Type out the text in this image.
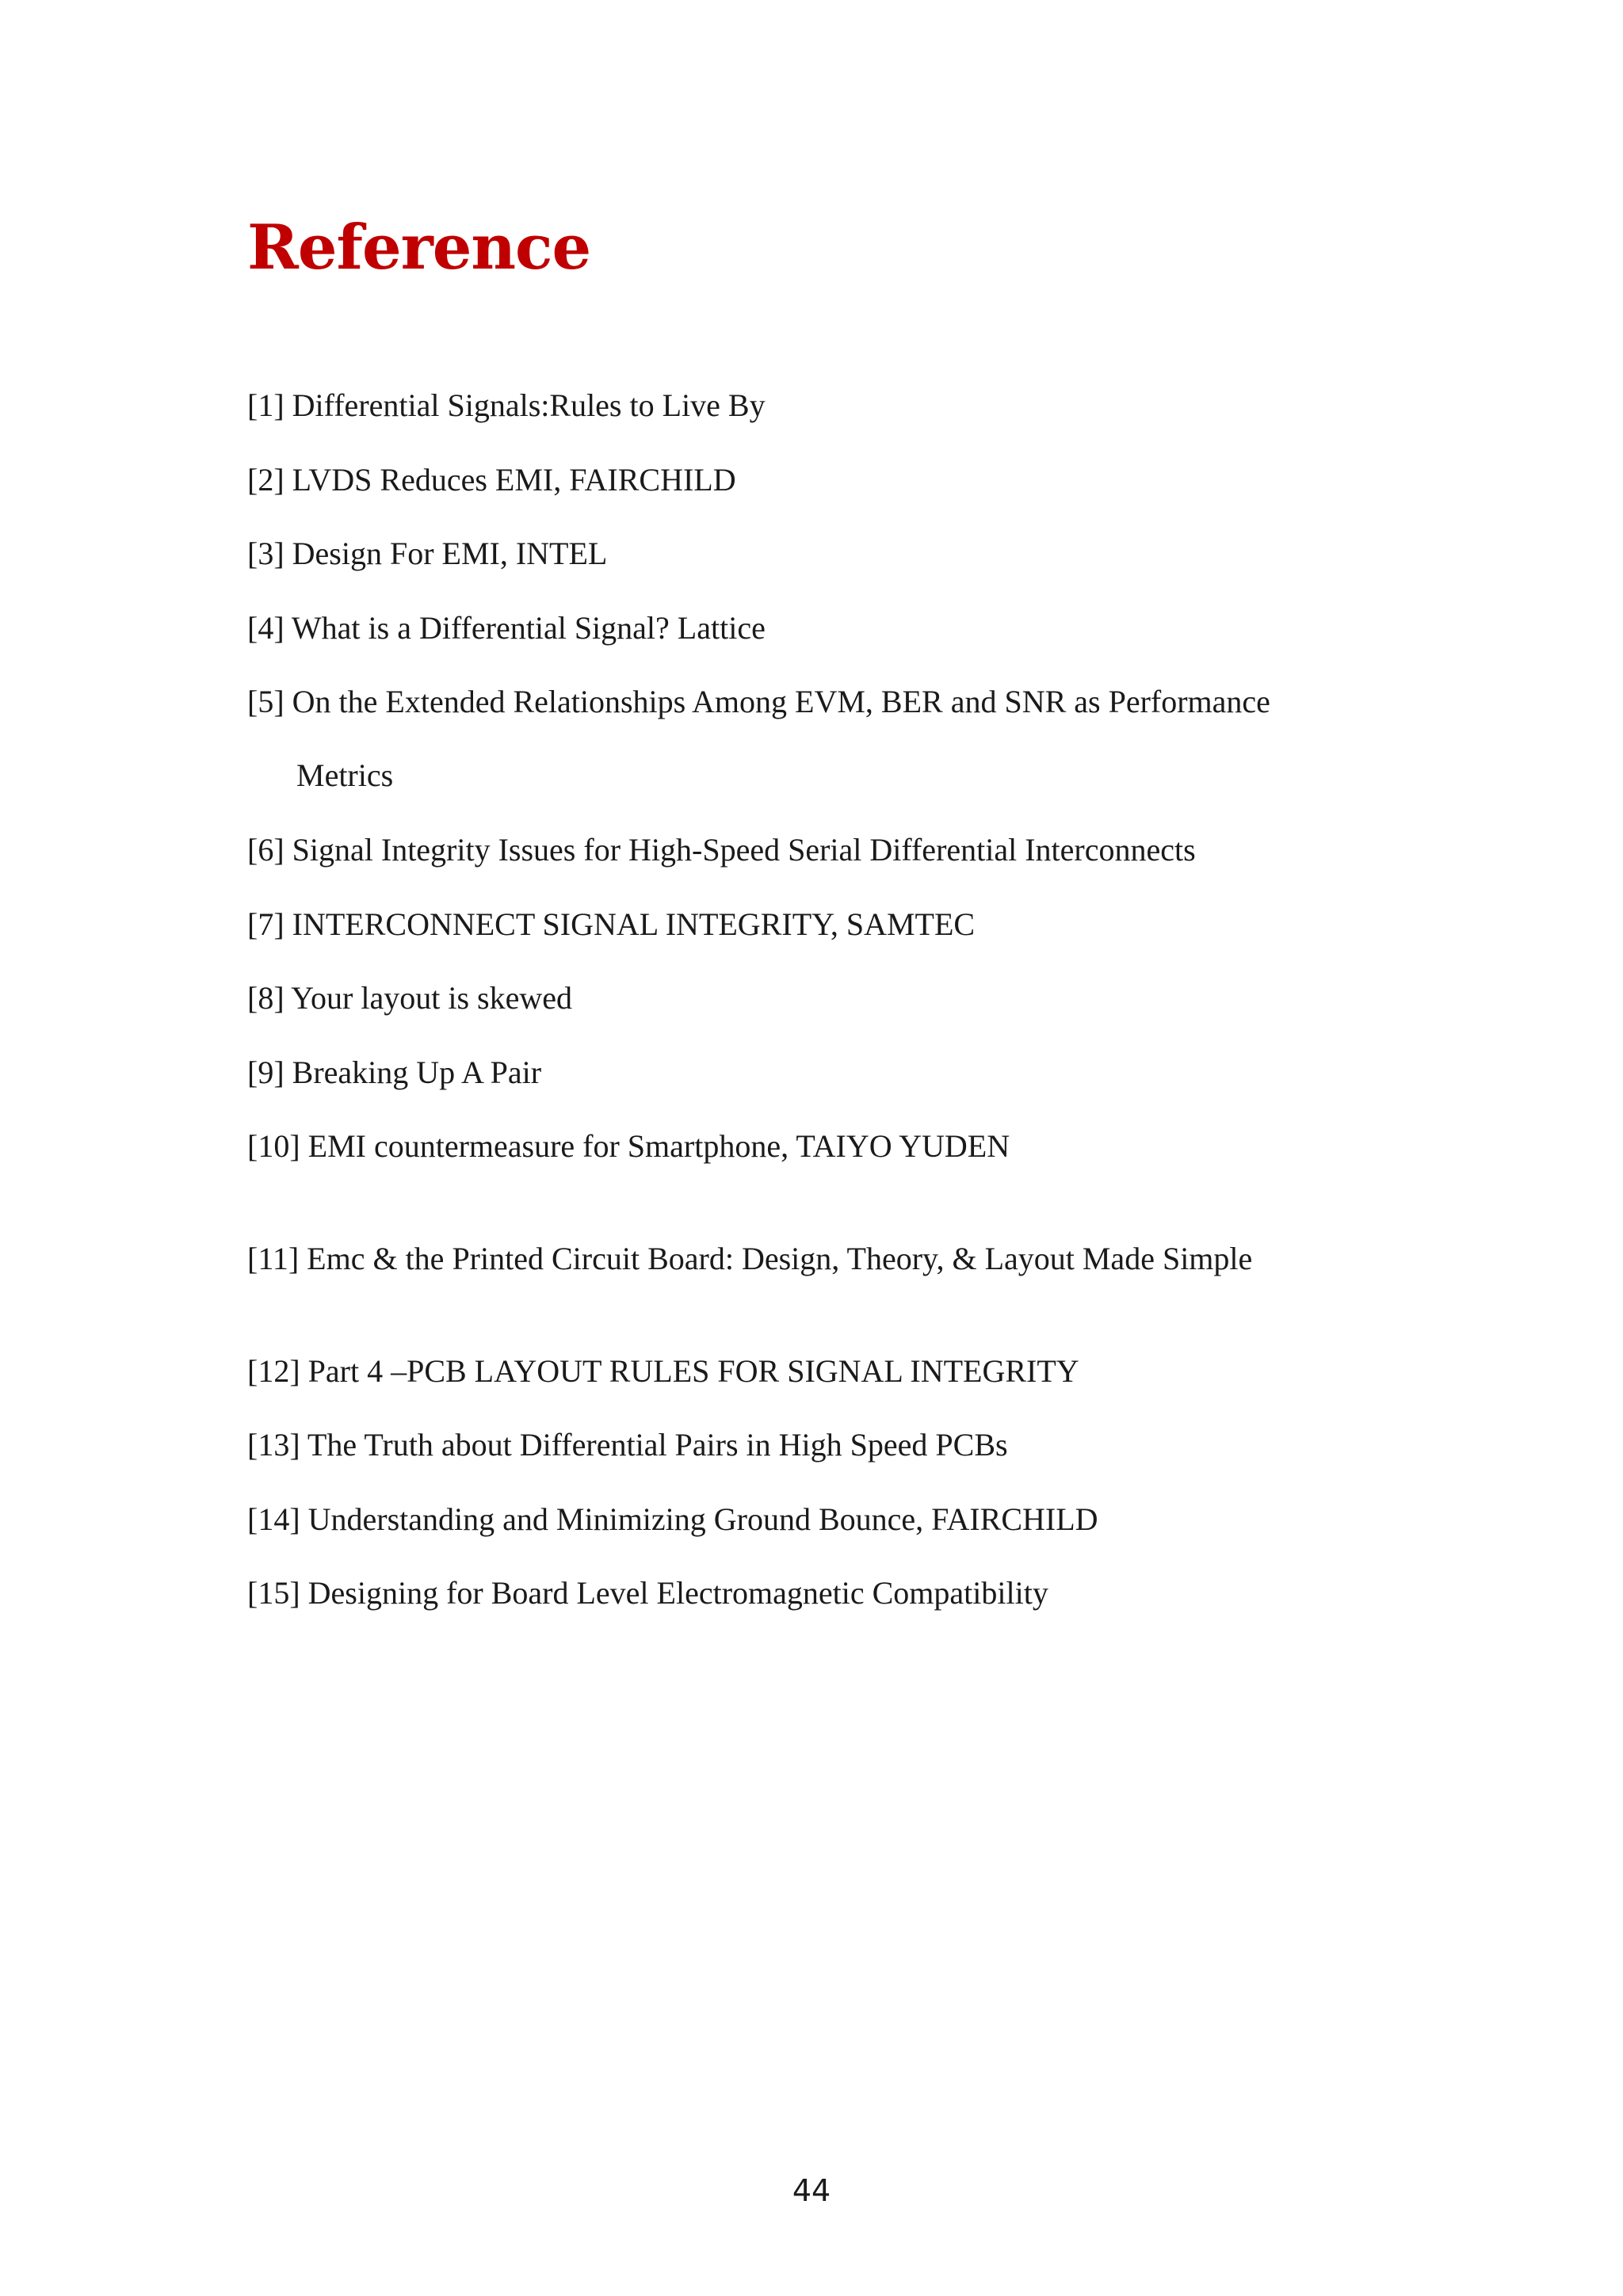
Reference
[1] Differential Signals:Rules to Live By
[2] LVDS Reduces EMI, FAIRCHILD
[3] Design For EMI, INTEL
[4] What is a Differential Signal? Lattice
[5] On the Extended Relationships Among EVM, BER and SNR as Performance
Metrics
[6] Signal Integrity Issues for High-Speed Serial Differential Interconnects
[7] INTERCONNECT SIGNAL INTEGRITY, SAMTEC
[8] Your layout is skewed
[9] Breaking Up A Pair
[10] EMI countermeasure for Smartphone, TAIYO YUDEN
[11] Emc & the Printed Circuit Board: Design, Theory, & Layout Made Simple
[12] Part 4 –PCB LAYOUT RULES FOR SIGNAL INTEGRITY
[13] The Truth about Differential Pairs in High Speed PCBs
[14] Understanding and Minimizing Ground Bounce, FAIRCHILD
[15] Designing for Board Level Electromagnetic Compatibility
44
